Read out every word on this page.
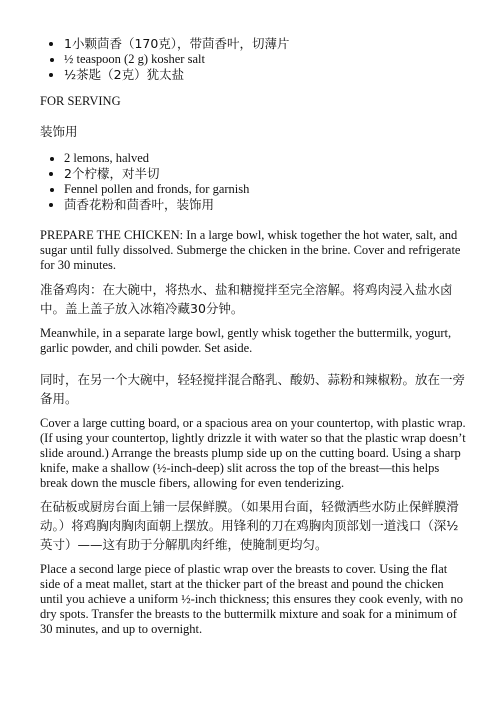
• 1小颗茴香（170克），带茴香叶，切薄片
• ½ teaspoon (2 g) kosher salt
• ½茶匙（2克）犹太盐

FOR SERVING

装饰用

• 2 lemons, halved
• 2个柠檬，对半切
• Fennel pollen and fronds, for garnish
• 茴香花粉和茴香叶，装饰用

PREPARE THE CHICKEN: In a large bowl, whisk together the hot water, salt, and sugar until fully dissolved. Submerge the chicken in the brine. Cover and refrigerate for 30 minutes.

准备鸡肉：在大碗中，将热水、盐和糖搅拌至完全溶解。将鸡肉浸入盐水卤中。盖上盖子放入冰箱冷藏30分钟。

Meanwhile, in a separate large bowl, gently whisk together the buttermilk, yogurt, garlic powder, and chili powder. Set aside.

同时，在另一个大碗中，轻轻搅拌混合酪乳、酸奶、蒜粉和辣椒粉。放在一旁备用。

Cover a large cutting board, or a spacious area on your countertop, with plastic wrap. (If using your countertop, lightly drizzle it with water so that the plastic wrap doesn’t slide around.) Arrange the breasts plump side up on the cutting board. Using a sharp knife, make a shallow (½-inch-deep) slit across the top of the breast—this helps break down the muscle fibers, allowing for even tenderizing.

在砧板或厨房台面上铺一层保鲜膜。（如果用台面，轻微洒些水防止保鲜膜滑动。）将鸡胸肉胸肉面朝上摆放。用锋利的刀在鸡胸肉顶部划一道浅口（深½英寸）——这有助于分解肌肉纤维，使腌制更均匀。

Place a second large piece of plastic wrap over the breasts to cover. Using the flat side of a meat mallet, start at the thicker part of the breast and pound the chicken until you achieve a uniform ½-inch thickness; this ensures they cook evenly, with no dry spots. Transfer the breasts to the buttermilk mixture and soak for a minimum of 30 minutes, and up to overnight.
